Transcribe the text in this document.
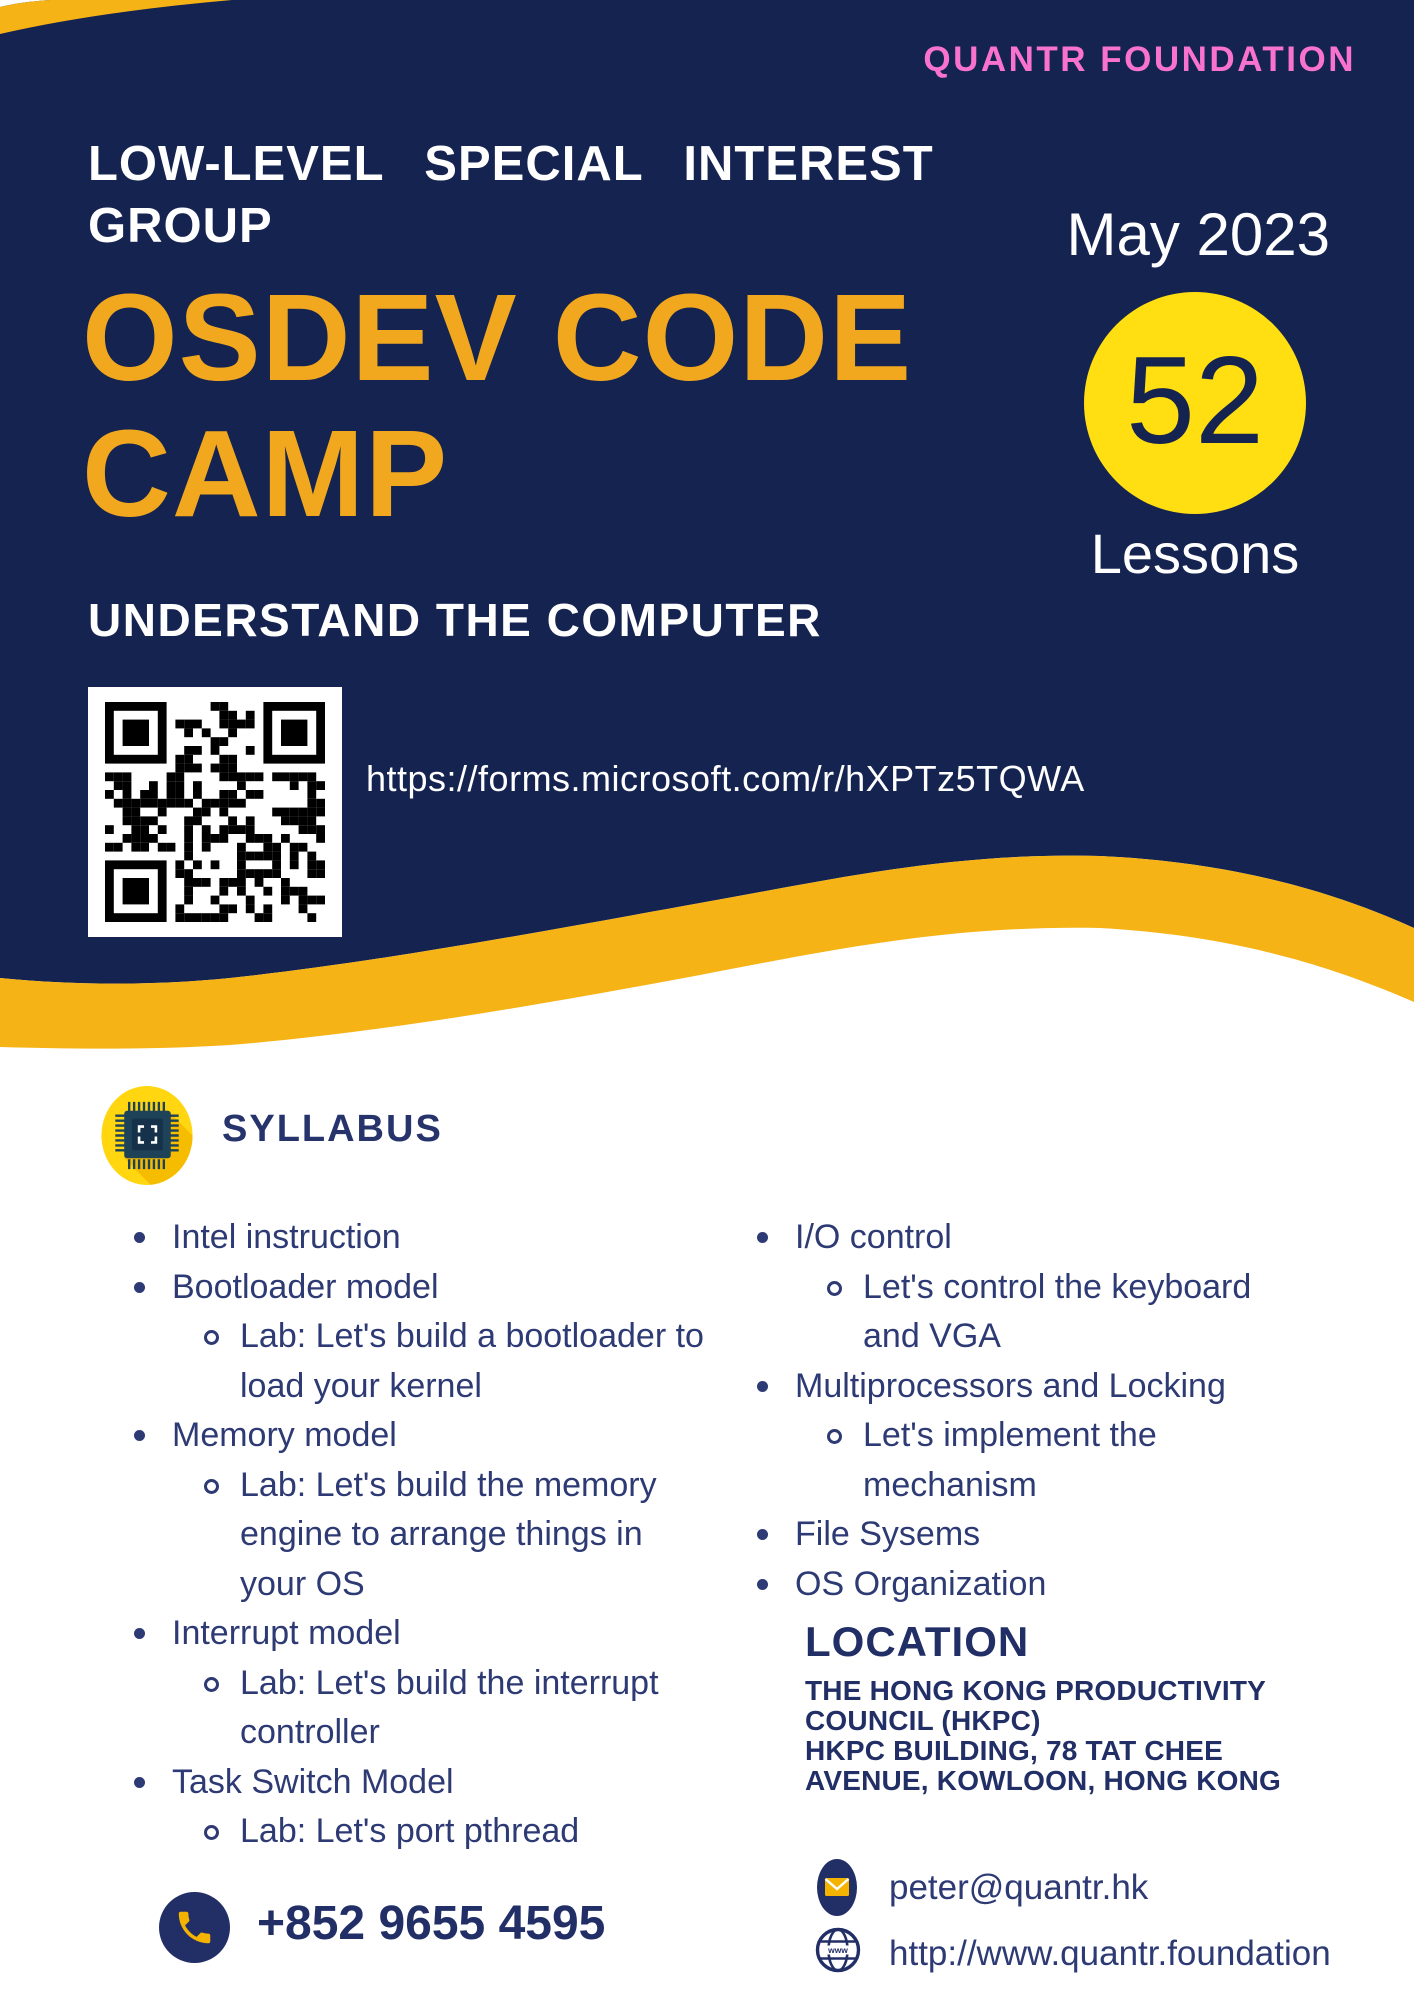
QUANTR FOUNDATION
LOW-LEVEL SPECIAL INTEREST
GROUP	May 2023
OSDEV CODE
CAMP
52
Lessons
UNDERSTAND THE COMPUTER
https://forms.microsoft.com/r/hXPTz5TQWA
SYLLABUS
Intel instruction
Bootloader model
Lab: Let's build a bootloader to load your kernel
Memory model
Lab: Let's build the memory engine to arrange things in your OS
Interrupt model
Lab: Let's build the interrupt controller
Task Switch Model
Lab: Let's port pthread
I/O control
Let's control the keyboard and VGA
Multiprocessors and Locking
Let's implement the mechanism
File Sysems
OS Organization
LOCATION
THE HONG KONG PRODUCTIVITY
COUNCIL (HKPC)
HKPC BUILDING, 78 TAT CHEE
AVENUE, KOWLOON, HONG KONG
+852 9655 4595
peter@quantr.hk
www http://www.quantr.foundation
